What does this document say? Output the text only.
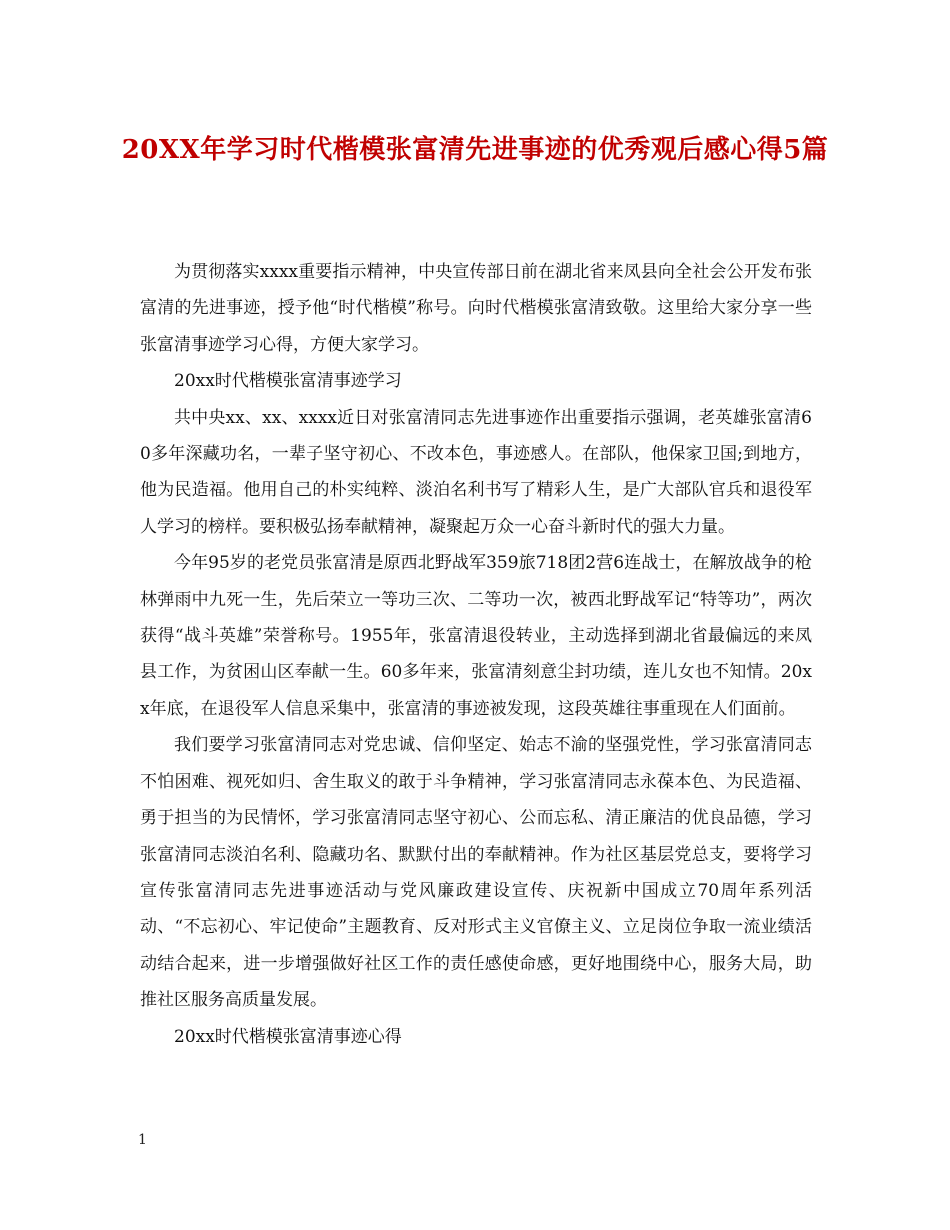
20XX年学习时代楷模张富清先进事迹的优秀观后感心得5篇

为贯彻落实xxxx重要指示精神，中央宣传部日前在湖北省来凤县向全社会公开发布张富清的先进事迹，授予他“时代楷模”称号。向时代楷模张富清致敬。这里给大家分享一些张富清事迹学习心得，方便大家学习。

20xx时代楷模张富清事迹学习

共中央xx、xx、xxxx近日对张富清同志先进事迹作出重要指示强调，老英雄张富清60多年深藏功名，一辈子坚守初心、不改本色，事迹感人。在部队，他保家卫国;到地方，他为民造福。他用自己的朴实纯粹、淡泊名利书写了精彩人生，是广大部队官兵和退役军人学习的榜样。要积极弘扬奉献精神，凝聚起万众一心奋斗新时代的强大力量。

今年95岁的老党员张富清是原西北野战军359旅718团2营6连战士，在解放战争的枪林弹雨中九死一生，先后荣立一等功三次、二等功一次，被西北野战军记“特等功”，两次获得“战斗英雄”荣誉称号。1955年，张富清退役转业，主动选择到湖北省最偏远的来凤县工作，为贫困山区奉献一生。60多年来，张富清刻意尘封功绩，连儿女也不知情。20xx年底，在退役军人信息采集中，张富清的事迹被发现，这段英雄往事重现在人们面前。

我们要学习张富清同志对党忠诚、信仰坚定、始志不渝的坚强党性，学习张富清同志不怕困难、视死如归、舍生取义的敢于斗争精神，学习张富清同志永葆本色、为民造福、勇于担当的为民情怀，学习张富清同志坚守初心、公而忘私、清正廉洁的优良品德，学习张富清同志淡泊名利、隐藏功名、默默付出的奉献精神。作为社区基层党总支，要将学习宣传张富清同志先进事迹活动与党风廉政建设宣传、庆祝新中国成立70周年系列活动、“不忘初心、牢记使命”主题教育、反对形式主义官僚主义、立足岗位争取一流业绩活动结合起来，进一步增强做好社区工作的责任感使命感，更好地围绕中心，服务大局，助推社区服务高质量发展。

20xx时代楷模张富清事迹心得

1
